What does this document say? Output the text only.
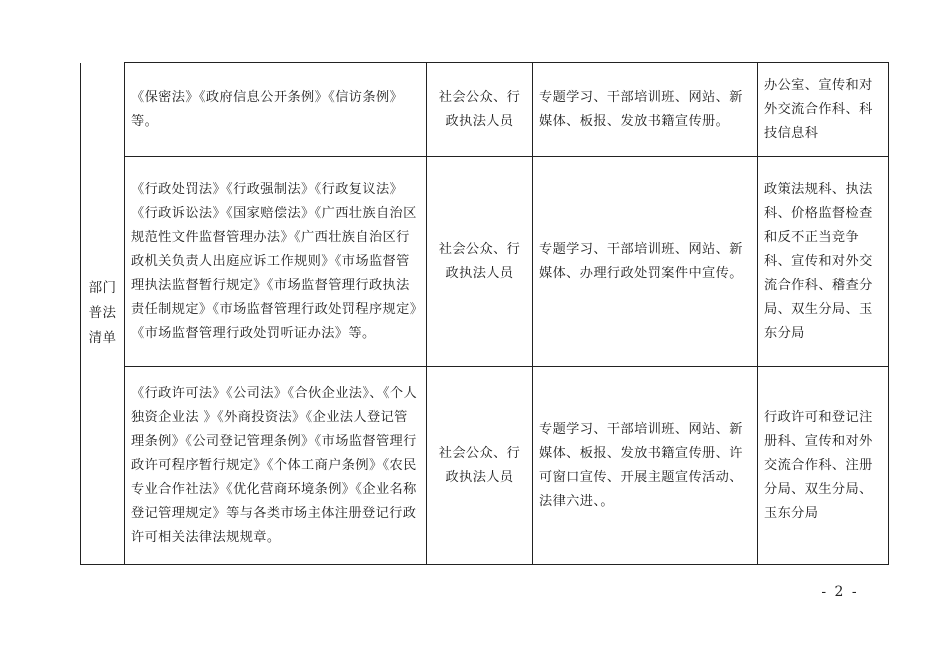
部门普法清单	《保密法》《政府信息公开条例》《信访条例》等。	社会公众、行政执法人员	专题学习、干部培训班、网站、新媒体、板报、发放书籍宣传册。	办公室、宣传和对外交流合作科、科技信息科
	《行政处罚法》《行政强制法》《行政复议法》《行政诉讼法》《国家赔偿法》《广西壮族自治区规范性文件监督管理办法》《广西壮族自治区行政机关负责人出庭应诉工作规则》《市场监督管理执法监督暂行规定》《市场监督管理行政执法责任制规定》《市场监督管理行政处罚程序规定》《市场监督管理行政处罚听证办法》等。	社会公众、行政执法人员	专题学习、干部培训班、网站、新媒体、办理行政处罚案件中宣传。	政策法规科、执法科、价格监督检查和反不正当竞争科、宣传和对外交流合作科、稽查分局、双生分局、玉东分局
	《行政许可法》《公司法》《合伙企业法》、《个人独资企业法 》《外商投资法》《企业法人登记管理条例》《公司登记管理条例》《市场监督管理行政许可程序暂行规定》《个体工商户条例》《农民专业合作社法》《优化营商环境条例》《企业名称登记管理规定》等与各类市场主体注册登记行政许可相关法律法规规章。	社会公众、行政执法人员	专题学习、干部培训班、网站、新媒体、板报、发放书籍宣传册、许可窗口宣传、开展主题宣传活动、法律六进、。	行政许可和登记注册科、宣传和对外交流合作科、注册分局、双生分局、玉东分局
- 2 -
